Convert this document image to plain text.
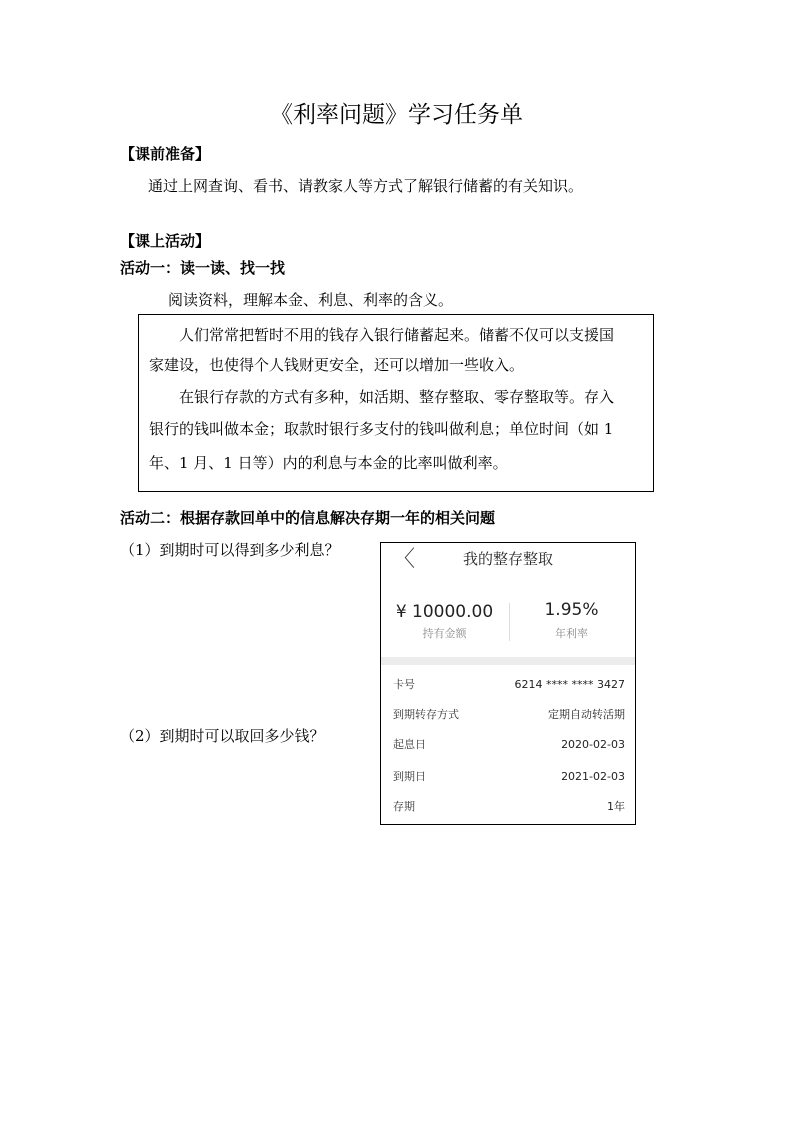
《利率问题》学习任务单
【课前准备】
通过上网查询、看书、请教家人等方式了解银行储蓄的有关知识。
【课上活动】
活动一：读一读、找一找
阅读资料，理解本金、利息、利率的含义。
人们常常把暂时不用的钱存入银行储蓄起来。储蓄不仅可以支援国
家建设，也使得个人钱财更安全，还可以增加一些收入。
在银行存款的方式有多种，如活期、整存整取、零存整取等。存入
银行的钱叫做本金；取款时银行多支付的钱叫做利息；单位时间（如 1
年、1 月、1 日等）内的利息与本金的比率叫做利率。
活动二：根据存款回单中的信息解决存期一年的相关问题
（1）到期时可以得到多少利息？
（2）到期时可以取回多少钱？
〈	我的整存整取
¥ 10000.00
持有金额
1.95%
年利率
卡号	6214 **** **** 3427
到期转存方式	定期自动转活期
起息日	2020-02-03
到期日	2021-02-03
存期	1年
